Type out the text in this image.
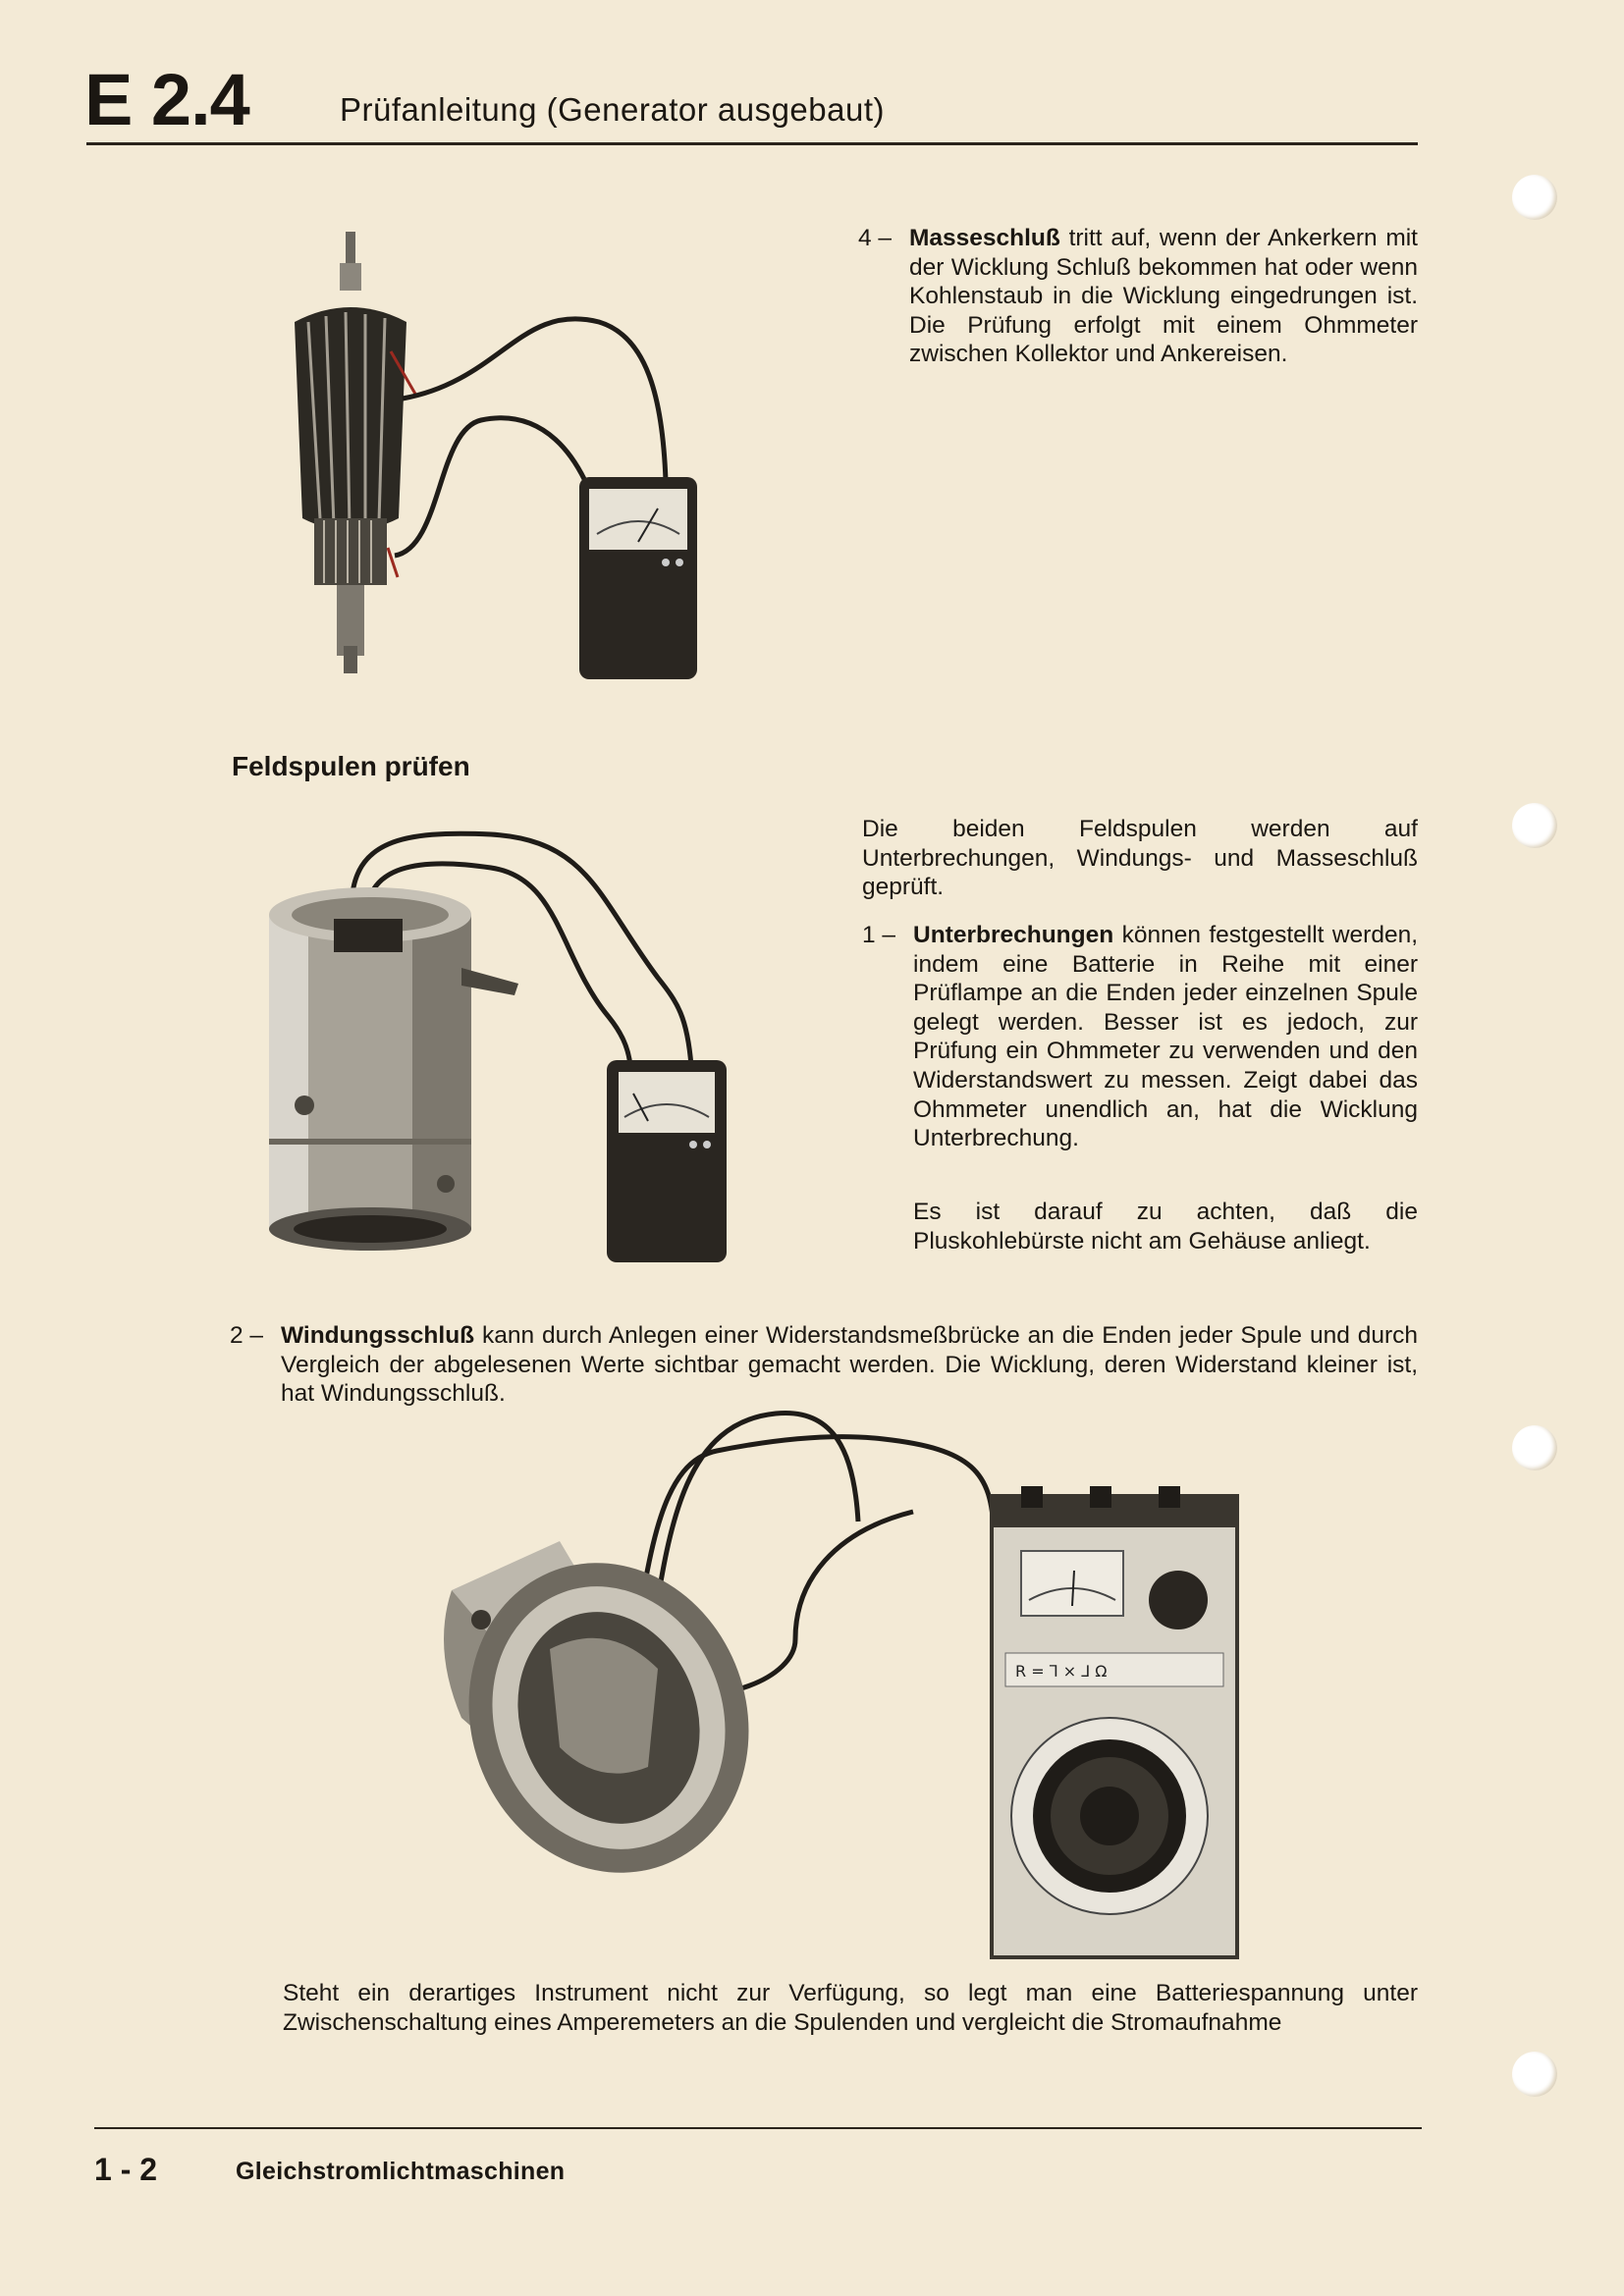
E 2.4	Prüfanleitung (Generator ausgebaut)
4 – Masseschluß tritt auf, wenn der Ankerkern mit der Wicklung Schluß bekommen hat oder wenn Kohlenstaub in die Wicklung eingedrungen ist. Die Prüfung erfolgt mit einem Ohmmeter zwischen Kollektor und Ankereisen.
Feldspulen prüfen
Die beiden Feldspulen werden auf Unterbrechungen, Windungs- und Masseschluß geprüft.
1 – Unterbrechungen können festgestellt werden, indem eine Batterie in Reihe mit einer Prüflampe an die Enden jeder einzelnen Spule gelegt werden. Besser ist es jedoch, zur Prüfung ein Ohmmeter zu verwenden und den Widerstandswert zu messen. Zeigt dabei das Ohmmeter unendlich an, hat die Wicklung Unterbrechung.
Es ist darauf zu achten, daß die Pluskohlebürste nicht am Gehäuse anliegt.
2 – Windungsschluß kann durch Anlegen einer Widerstandsmeßbrücke an die Enden jeder Spule und durch Vergleich der abgelesenen Werte sichtbar gemacht werden. Die Wicklung, deren Widerstand kleiner ist, hat Windungsschluß.
R = ⅂ × ⅃ Ω
Steht ein derartiges Instrument nicht zur Verfügung, so legt man eine Batteriespannung unter Zwischenschaltung eines Amperemeters an die Spulenden und vergleicht die Stromaufnahme
1 - 2	Gleichstromlichtmaschinen
